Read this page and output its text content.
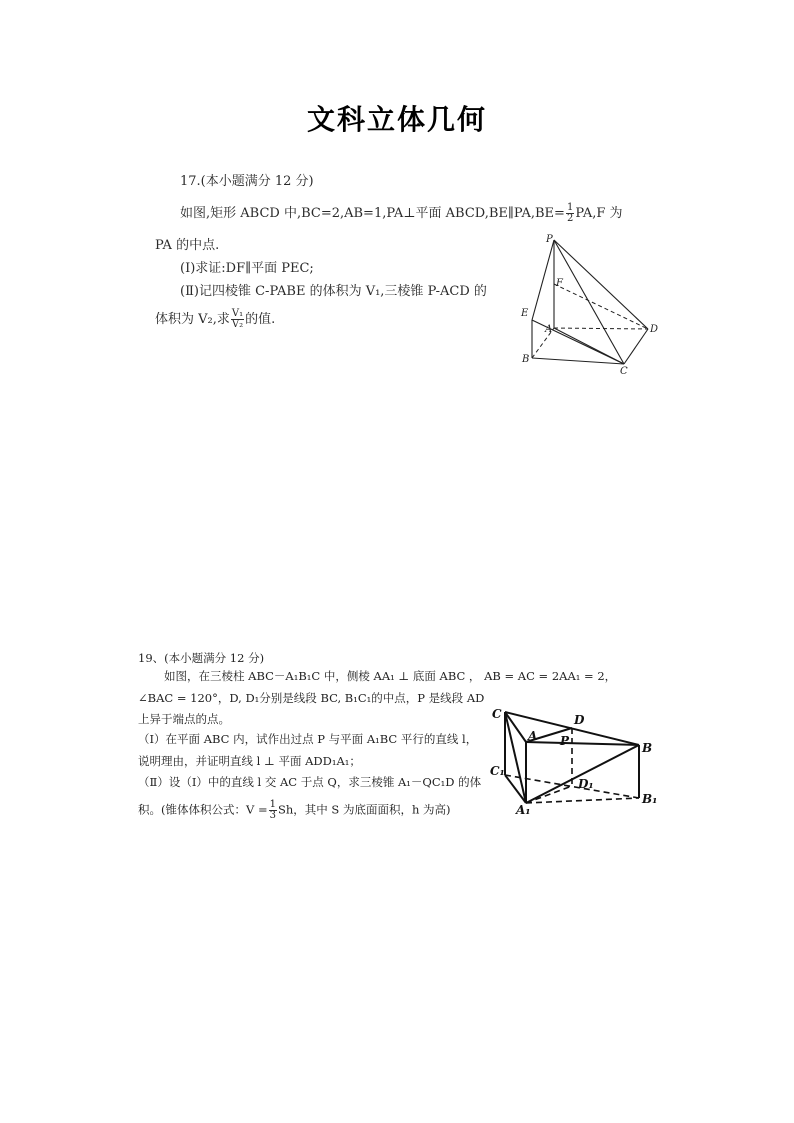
文科立体几何
17.(本小题满分 12 分)
如图,矩形 ABCD 中,BC=2,AB=1,PA⊥平面 ABCD,BE∥PA,BE= $\frac{1}{2} PA,F$ 为
PA 的中点.
(Ⅰ)求证:DF∥平面 PEC;
(Ⅱ)记四棱锥 C-PABE 的体积为 V₁,三棱锥 P-ACD 的
体积为 V₂,求 $\frac{\text{V₁}}{\text{V₂}}$ 的值.
P
F
E
A	D
B
C
19、(本小题满分 12 分)
如图，在三棱柱 ABC－A₁B₁C 中，侧棱 AA₁ ⊥ 底面 ABC ， AB = AC = 2AA₁ = 2，
∠BAC = 120°，D, D₁分别是线段 BC, B₁C₁的中点，P 是线段 AD
上异于端点的点。
（Ⅰ）在平面 ABC 内，试作出过点 P 与平面 A₁BC 平行的直线 l，
说明理由，并证明直线 l ⊥ 平面 ADD₁A₁；
（Ⅱ）设（Ⅰ）中的直线 l 交 AC 于点 Q，求三棱锥 A₁－QC₁D 的体
积。(锥体体积公式：$V = \frac{1}{3}$ Sh，其中 S 为底面面积，h 为高)
C	D
A P	B
C₁
D₁
A₁
B₁
